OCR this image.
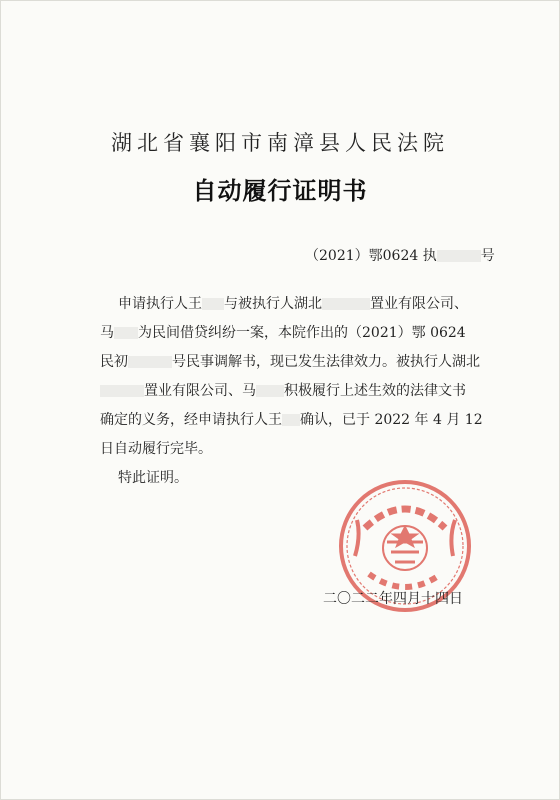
湖北省襄阳市南漳县人民法院
自动履行证明书
（2021）鄂0624 执	号
申请执行人王 与被执行人湖北	置业有限公司、
马 为民间借贷纠纷一案，本院作出的（2021）鄂 0624
民初	号民事调解书，现已发生法律效力。被执行人湖北
置业有限公司、马 积极履行上述生效的法律文书
确定的义务，经申请执行人王 确认，已于 2022 年 4 月 12
日自动履行完毕。
特此证明。
二〇二二年四月十四日
